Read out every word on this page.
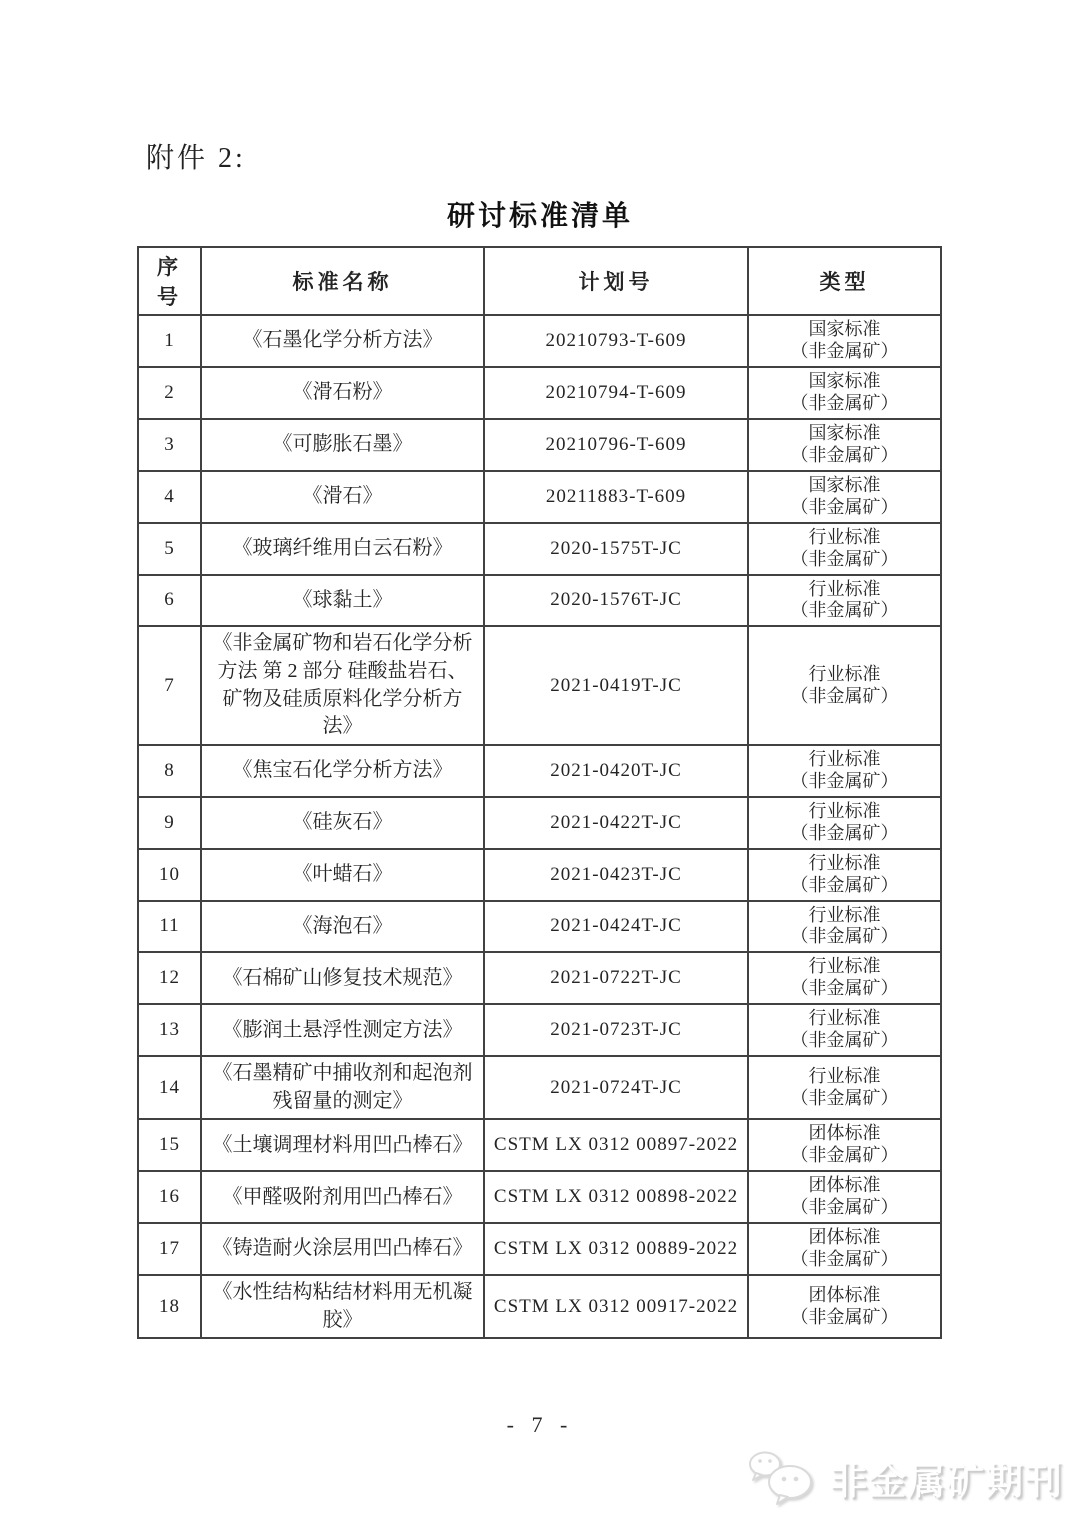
附件 2:
研讨标准清单
序号	标准名称	计划号	类型
1	《石墨化学分析方法》	20210793-T-609	国家标准
（非金属矿）

2	《滑石粉》	20210794-T-609	国家标准
（非金属矿）

3	《可膨胀石墨》	20210796-T-609	国家标准
（非金属矿）

4	《滑石》	20211883-T-609	国家标准
（非金属矿）

5	《玻璃纤维用白云石粉》	2020-1575T-JC	行业标准
（非金属矿）

6	《球黏土》	2020-1576T-JC	行业标准
（非金属矿）

7	《非金属矿物和岩石化学分析方法 第 2 部分 硅酸盐岩石、矿物及硅质原料化学分析方法》	2021-0419T-JC	行业标准
（非金属矿）

8	《焦宝石化学分析方法》	2021-0420T-JC	行业标准
（非金属矿）

9	《硅灰石》	2021-0422T-JC	行业标准
（非金属矿）

10	《叶蜡石》	2021-0423T-JC	行业标准
（非金属矿）

11	《海泡石》	2021-0424T-JC	行业标准
（非金属矿）

12	《石棉矿山修复技术规范》	2021-0722T-JC	行业标准
（非金属矿）

13	《膨润土悬浮性测定方法》	2021-0723T-JC	行业标准
（非金属矿）

14	《石墨精矿中捕收剂和起泡剂残留量的测定》	2021-0724T-JC	行业标准
（非金属矿）

15	《土壤调理材料用凹凸棒石》	CSTM LX 0312 00897-2022	团体标准
（非金属矿）

16	《甲醛吸附剂用凹凸棒石》	CSTM LX 0312 00898-2022	团体标准
（非金属矿）

17	《铸造耐火涂层用凹凸棒石》	CSTM LX 0312 00889-2022	团体标准
（非金属矿）

18	《水性结构粘结材料用无机凝胶》	CSTM LX 0312 00917-2022	团体标准
（非金属矿）
- 7 -
非金属矿期刊
